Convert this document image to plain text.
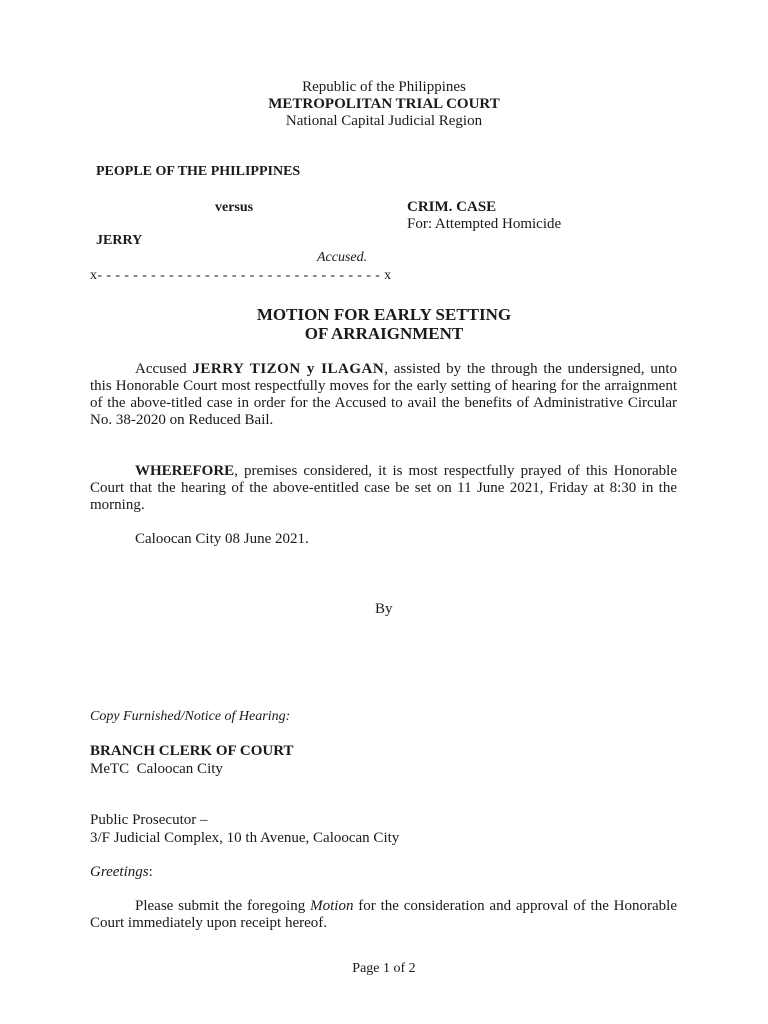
Republic of the Philippines
METROPOLITAN TRIAL COURT
National Capital Judicial Region
PEOPLE OF THE PHILIPPINES
versus	CRIM. CASE
For: Attempted Homicide
JERRY
Accused.
x- - - - - - - - - - - - - - - - - - - - - - - - - - - - - - - - x
MOTION FOR EARLY SETTING
OF ARRAIGNMENT
Accused JERRY TIZON y ILAGAN, assisted by the through the undersigned, unto this Honorable Court most respectfully moves for the early setting of hearing for the arraignment of the above-titled case in order for the Accused to avail the benefits of Administrative Circular No. 38-2020 on Reduced Bail.
WHEREFORE, premises considered, it is most respectfully prayed of this Honorable Court that the hearing of the above-entitled case be set on 11 June 2021, Friday at 8:30 in the morning.
Caloocan City 08 June 2021.
By
Copy Furnished/Notice of Hearing:
BRANCH CLERK OF COURT
MeTC  Caloocan City
Public Prosecutor –
3/F Judicial Complex, 10 th Avenue, Caloocan City
Greetings:
Please submit the foregoing Motion for the consideration and approval of the Honorable Court immediately upon receipt hereof.
Page 1 of 2
